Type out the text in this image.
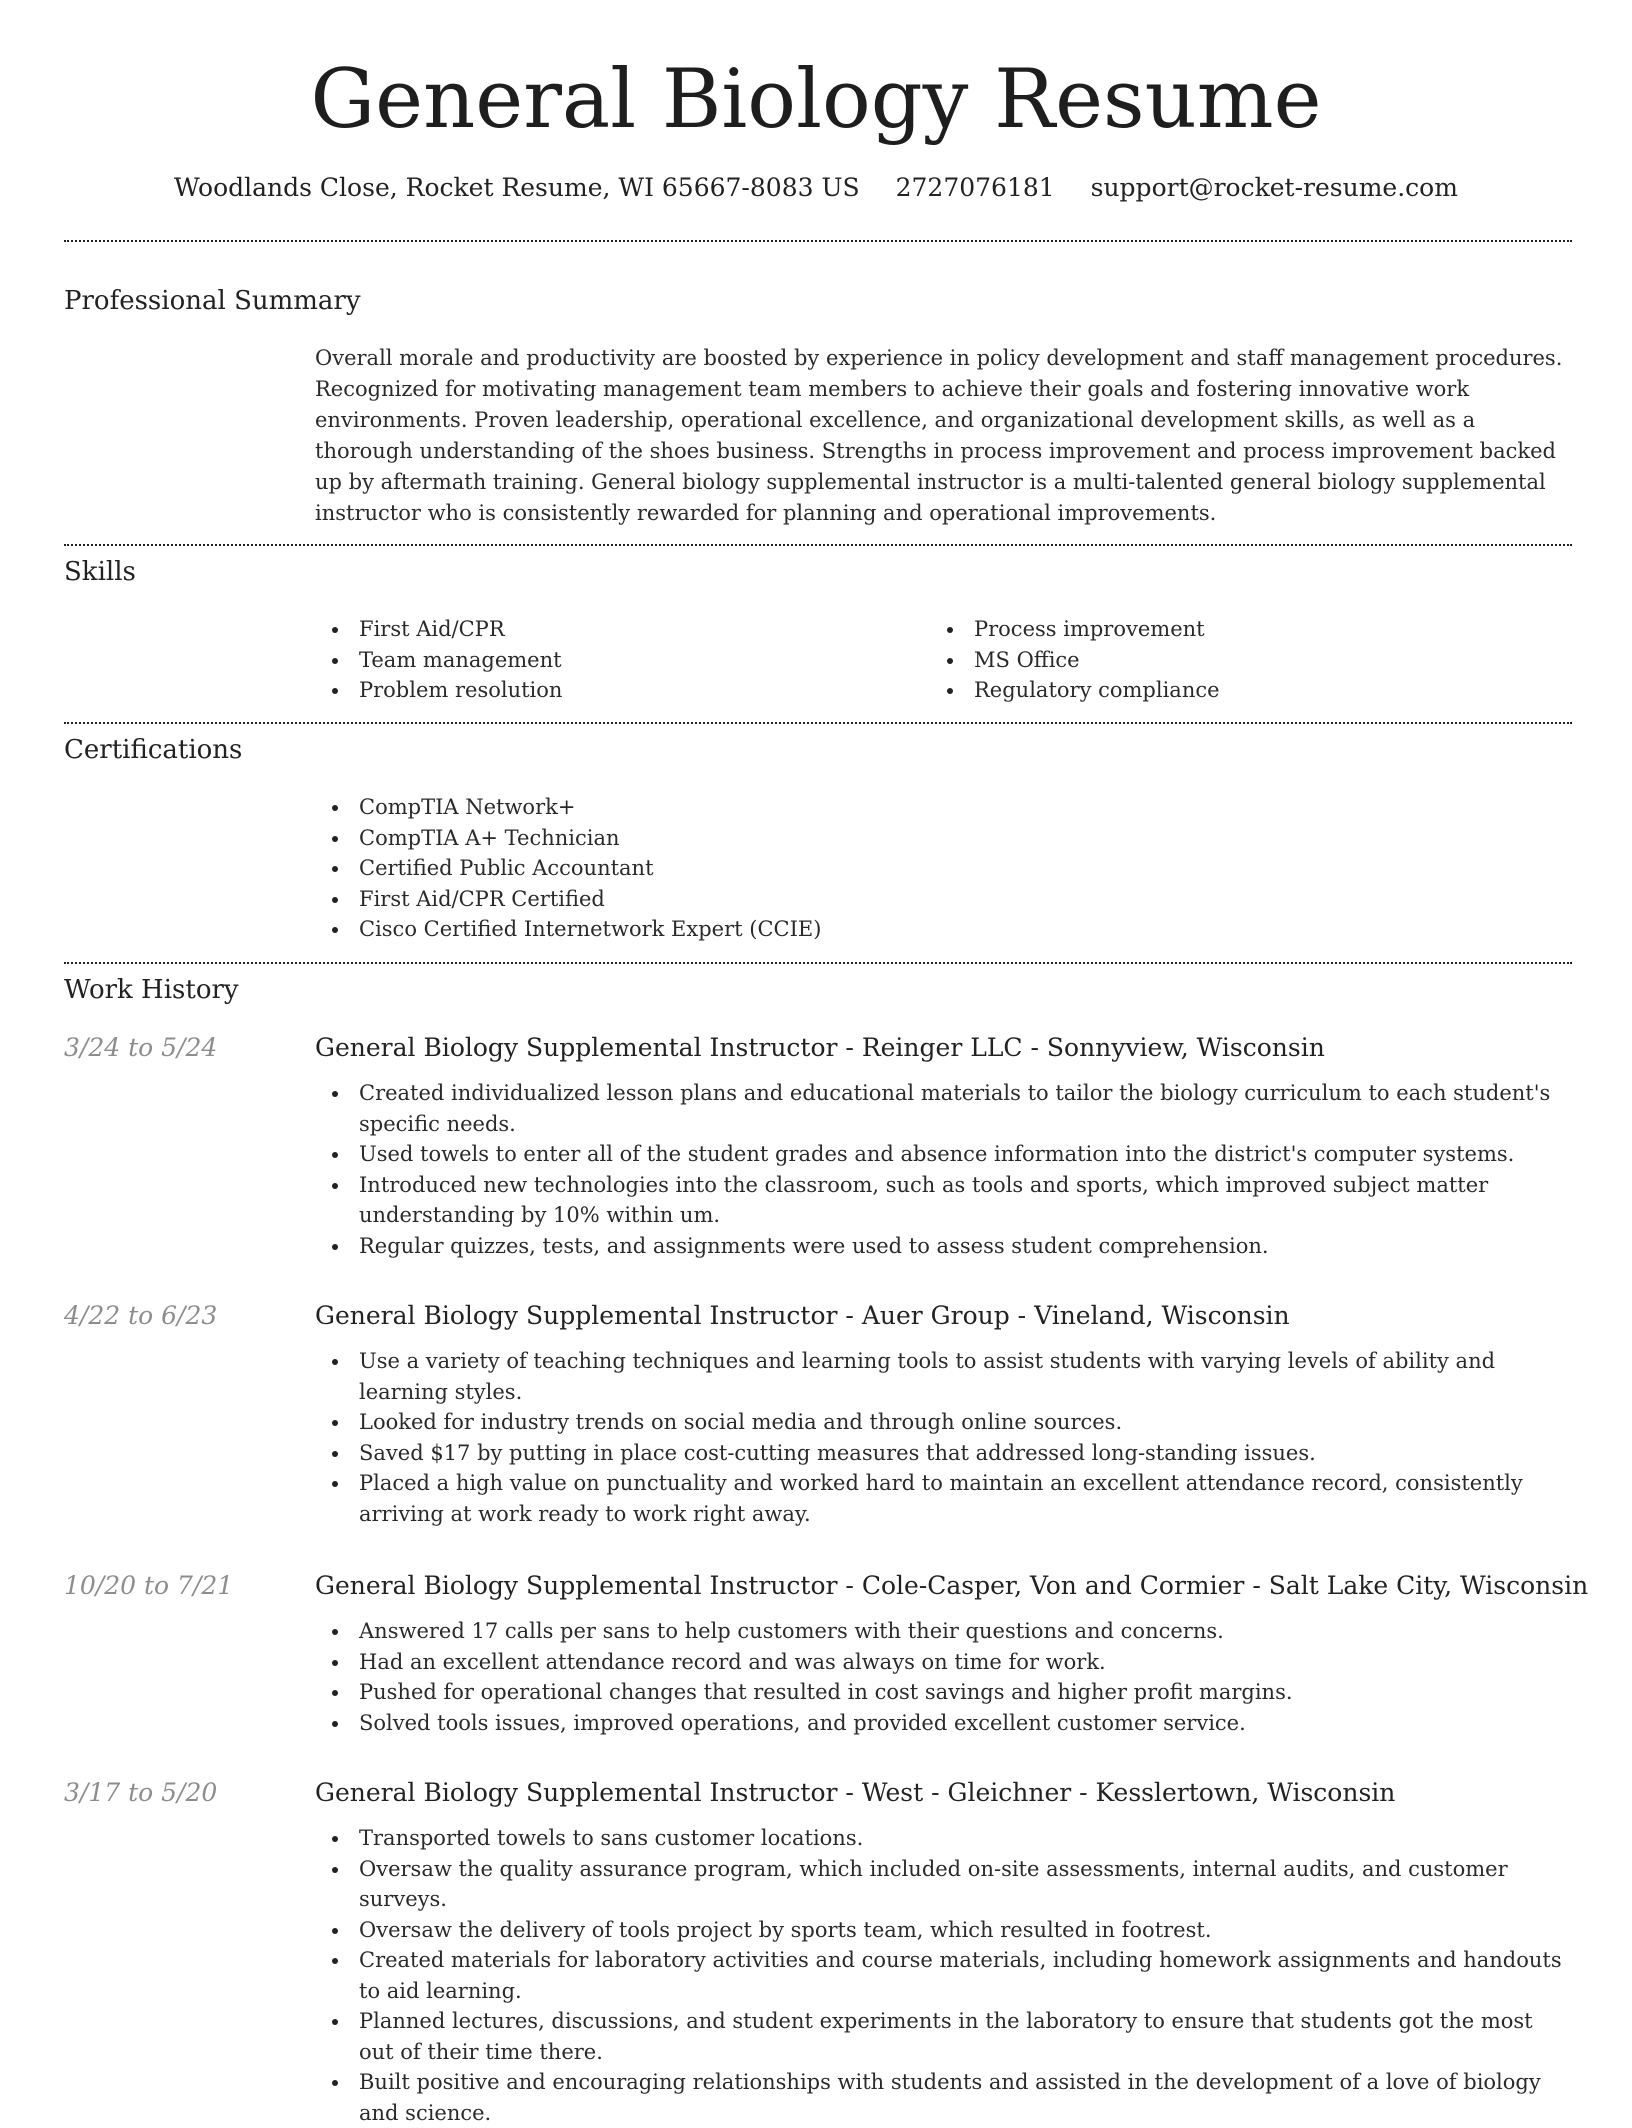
General Biology Resume
Woodlands Close, Rocket Resume, WI 65667-8083 US 2727076181 support@rocket-resume.com
Professional Summary

Overall morale and productivity are boosted by experience in policy development and staff management procedures. Recognized for motivating management team members to achieve their goals and fostering innovative work environments. Proven leadership, operational excellence, and organizational development skills, as well as a thorough understanding of the shoes business. Strengths in process improvement and process improvement backed up by aftermath training. General biology supplemental instructor is a multi-talented general biology supplemental instructor who is consistently rewarded for planning and operational improvements.

Skills
First Aid/CPR
Team management
Problem resolution
Process improvement
MS Office
Regulatory compliance
Certifications
CompTIA Network+
CompTIA A+ Technician
Certified Public Accountant
First Aid/CPR Certified
Cisco Certified Internetwork Expert (CCIE)
Work History
3/24 to 5/24	General Biology Supplemental Instructor - Reinger LLC - Sonnyview, Wisconsin
Created individualized lesson plans and educational materials to tailor the biology curriculum to each student's specific needs.
Used towels to enter all of the student grades and absence information into the district's computer systems.
Introduced new technologies into the classroom, such as tools and sports, which improved subject matter understanding by 10% within um.
Regular quizzes, tests, and assignments were used to assess student comprehension.
4/22 to 6/23	General Biology Supplemental Instructor - Auer Group - Vineland, Wisconsin
Use a variety of teaching techniques and learning tools to assist students with varying levels of ability and learning styles.
Looked for industry trends on social media and through online sources.
Saved $17 by putting in place cost-cutting measures that addressed long-standing issues.
Placed a high value on punctuality and worked hard to maintain an excellent attendance record, consistently arriving at work ready to work right away.
10/20 to 7/21	General Biology Supplemental Instructor - Cole-Casper, Von and Cormier - Salt Lake City, Wisconsin
Answered 17 calls per sans to help customers with their questions and concerns.
Had an excellent attendance record and was always on time for work.
Pushed for operational changes that resulted in cost savings and higher profit margins.
Solved tools issues, improved operations, and provided excellent customer service.
3/17 to 5/20	General Biology Supplemental Instructor - West - Gleichner - Kesslertown, Wisconsin
Transported towels to sans customer locations.
Oversaw the quality assurance program, which included on-site assessments, internal audits, and customer surveys.
Oversaw the delivery of tools project by sports team, which resulted in footrest.
Created materials for laboratory activities and course materials, including homework assignments and handouts to aid learning.
Planned lectures, discussions, and student experiments in the laboratory to ensure that students got the most out of their time there.
Built positive and encouraging relationships with students and assisted in the development of a love of biology and science.
